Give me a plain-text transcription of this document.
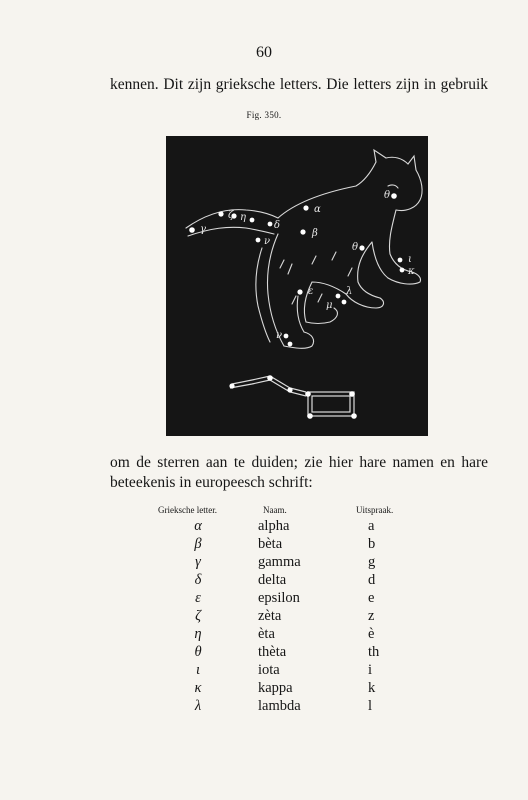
60
kennen. Dit zijn grieksche letters. Die letters zijn in gebruik
Fig. 350.
α
β
γ	δ
ε
ζ η
θ
θ
ι
κ
λ
μ
ν
ν
om de sterren aan te duiden; zie hier hare namen en hare
beteekenis in europeesch schrift:
Grieksche letter.	Naam.	Uitspraak.
α	alpha	a
β	bèta	b
γ	gamma	g
δ	delta	d
ε	epsilon	e
ζ	zèta	z
η	èta	è
θ	thèta	th
ι	iota	i
κ	kappa	k
λ	lambda	l
